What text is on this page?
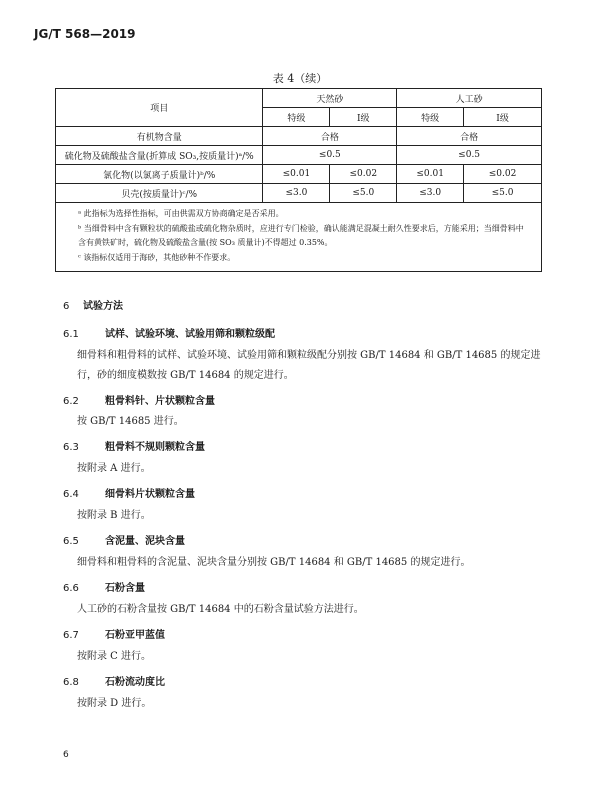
JG/T 568—2019
表 4（续）
项目	天然砂		人工砂	
	特级	Ⅰ级	特级	Ⅰ级
有机物含量	合格		合格	
硫化物及硫酸盐含量(折算成 SO₃,按质量计)ᵃ/%	≤0.5		≤0.5	
氯化物(以氯离子质量计)ᵇ/%	≤0.01	≤0.02	≤0.01	≤0.02
贝壳(按质量计)ᶜ/%	≤3.0	≤5.0	≤3.0	≤5.0

ᵃ 此指标为选择性指标，可由供需双方协商确定是否采用。
ᵇ 当细骨料中含有颗粒状的硫酸盐或硫化物杂质时，应进行专门检验，确认能满足混凝土耐久性要求后，方能采用；当细骨料中含有黄铁矿时，硫化物及硫酸盐含量(按 SO₃ 质量计)不得超过 0.35%。
ᶜ 该指标仅适用于海砂，其他砂种不作要求。				
6 试验方法
6.1	试样、试验环境、试验用筛和颗粒级配
细骨料和粗骨料的试样、试验环境、试验用筛和颗粒级配分别按 GB/T 14684 和 GB/T 14685 的规定进行，砂的细度模数按 GB/T 14684 的规定进行。
6.2	粗骨料针、片状颗粒含量
按 GB/T 14685 进行。
6.3	粗骨料不规则颗粒含量
按附录 A 进行。
6.4	细骨料片状颗粒含量
按附录 B 进行。
6.5	含泥量、泥块含量
细骨料和粗骨料的含泥量、泥块含量分别按 GB/T 14684 和 GB/T 14685 的规定进行。
6.6	石粉含量
人工砂的石粉含量按 GB/T 14684 中的石粉含量试验方法进行。
6.7	石粉亚甲蓝值
按附录 C 进行。
6.8	石粉流动度比
按附录 D 进行。
6
